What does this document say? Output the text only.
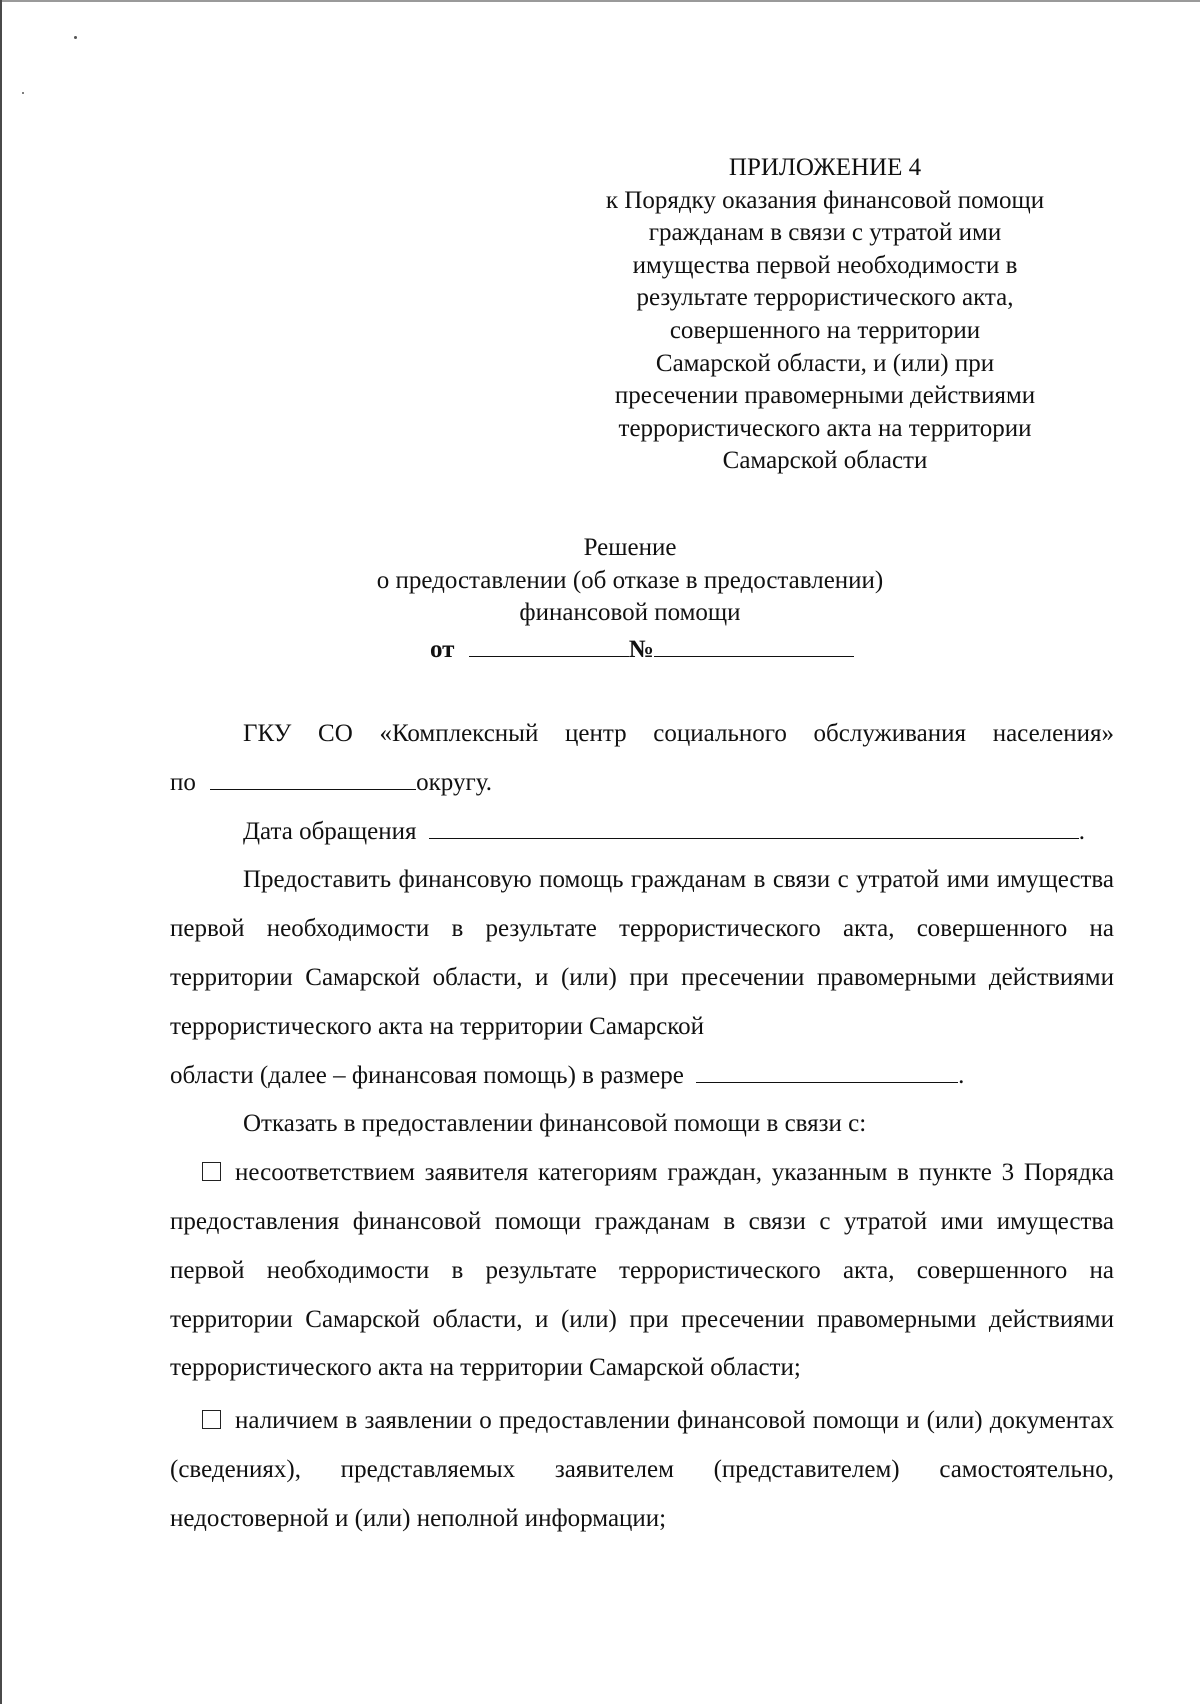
ПРИЛОЖЕНИЕ 4
к Порядку оказания финансовой помощи
гражданам в связи с утратой ими
имущества первой необходимости в
результате террористического акта,
совершенного на территории
Самарской области, и (или) при
пресечении правомерными действиями
террористического акта на территории
Самарской области
Решение
о предоставлении (об отказе в предоставлении)
финансовой помощи
от	№
ГКУ СО «Комплексный центр социального обслуживания населения»
по	округу.
Дата обращения	.
Предоставить финансовую помощь гражданам в связи с утратой ими имущества первой необходимости в результате террористического акта, совершенного на территории Самарской области, и (или) при пресечении правомерными действиями террористического акта на территории Самарской
области (далее – финансовая помощь) в размере	.
Отказать в предоставлении финансовой помощи в связи с:
несоответствием заявителя категориям граждан, указанным в пункте 3 Порядка предоставления финансовой помощи гражданам в связи с утратой ими имущества первой необходимости в результате террористического акта, совершенного на территории Самарской области, и (или) при пресечении правомерными действиями террористического акта на территории Самарской области;
наличием в заявлении о предоставлении финансовой помощи и (или) документах (сведениях), представляемых заявителем (представителем) самостоятельно, недостоверной и (или) неполной информации;
